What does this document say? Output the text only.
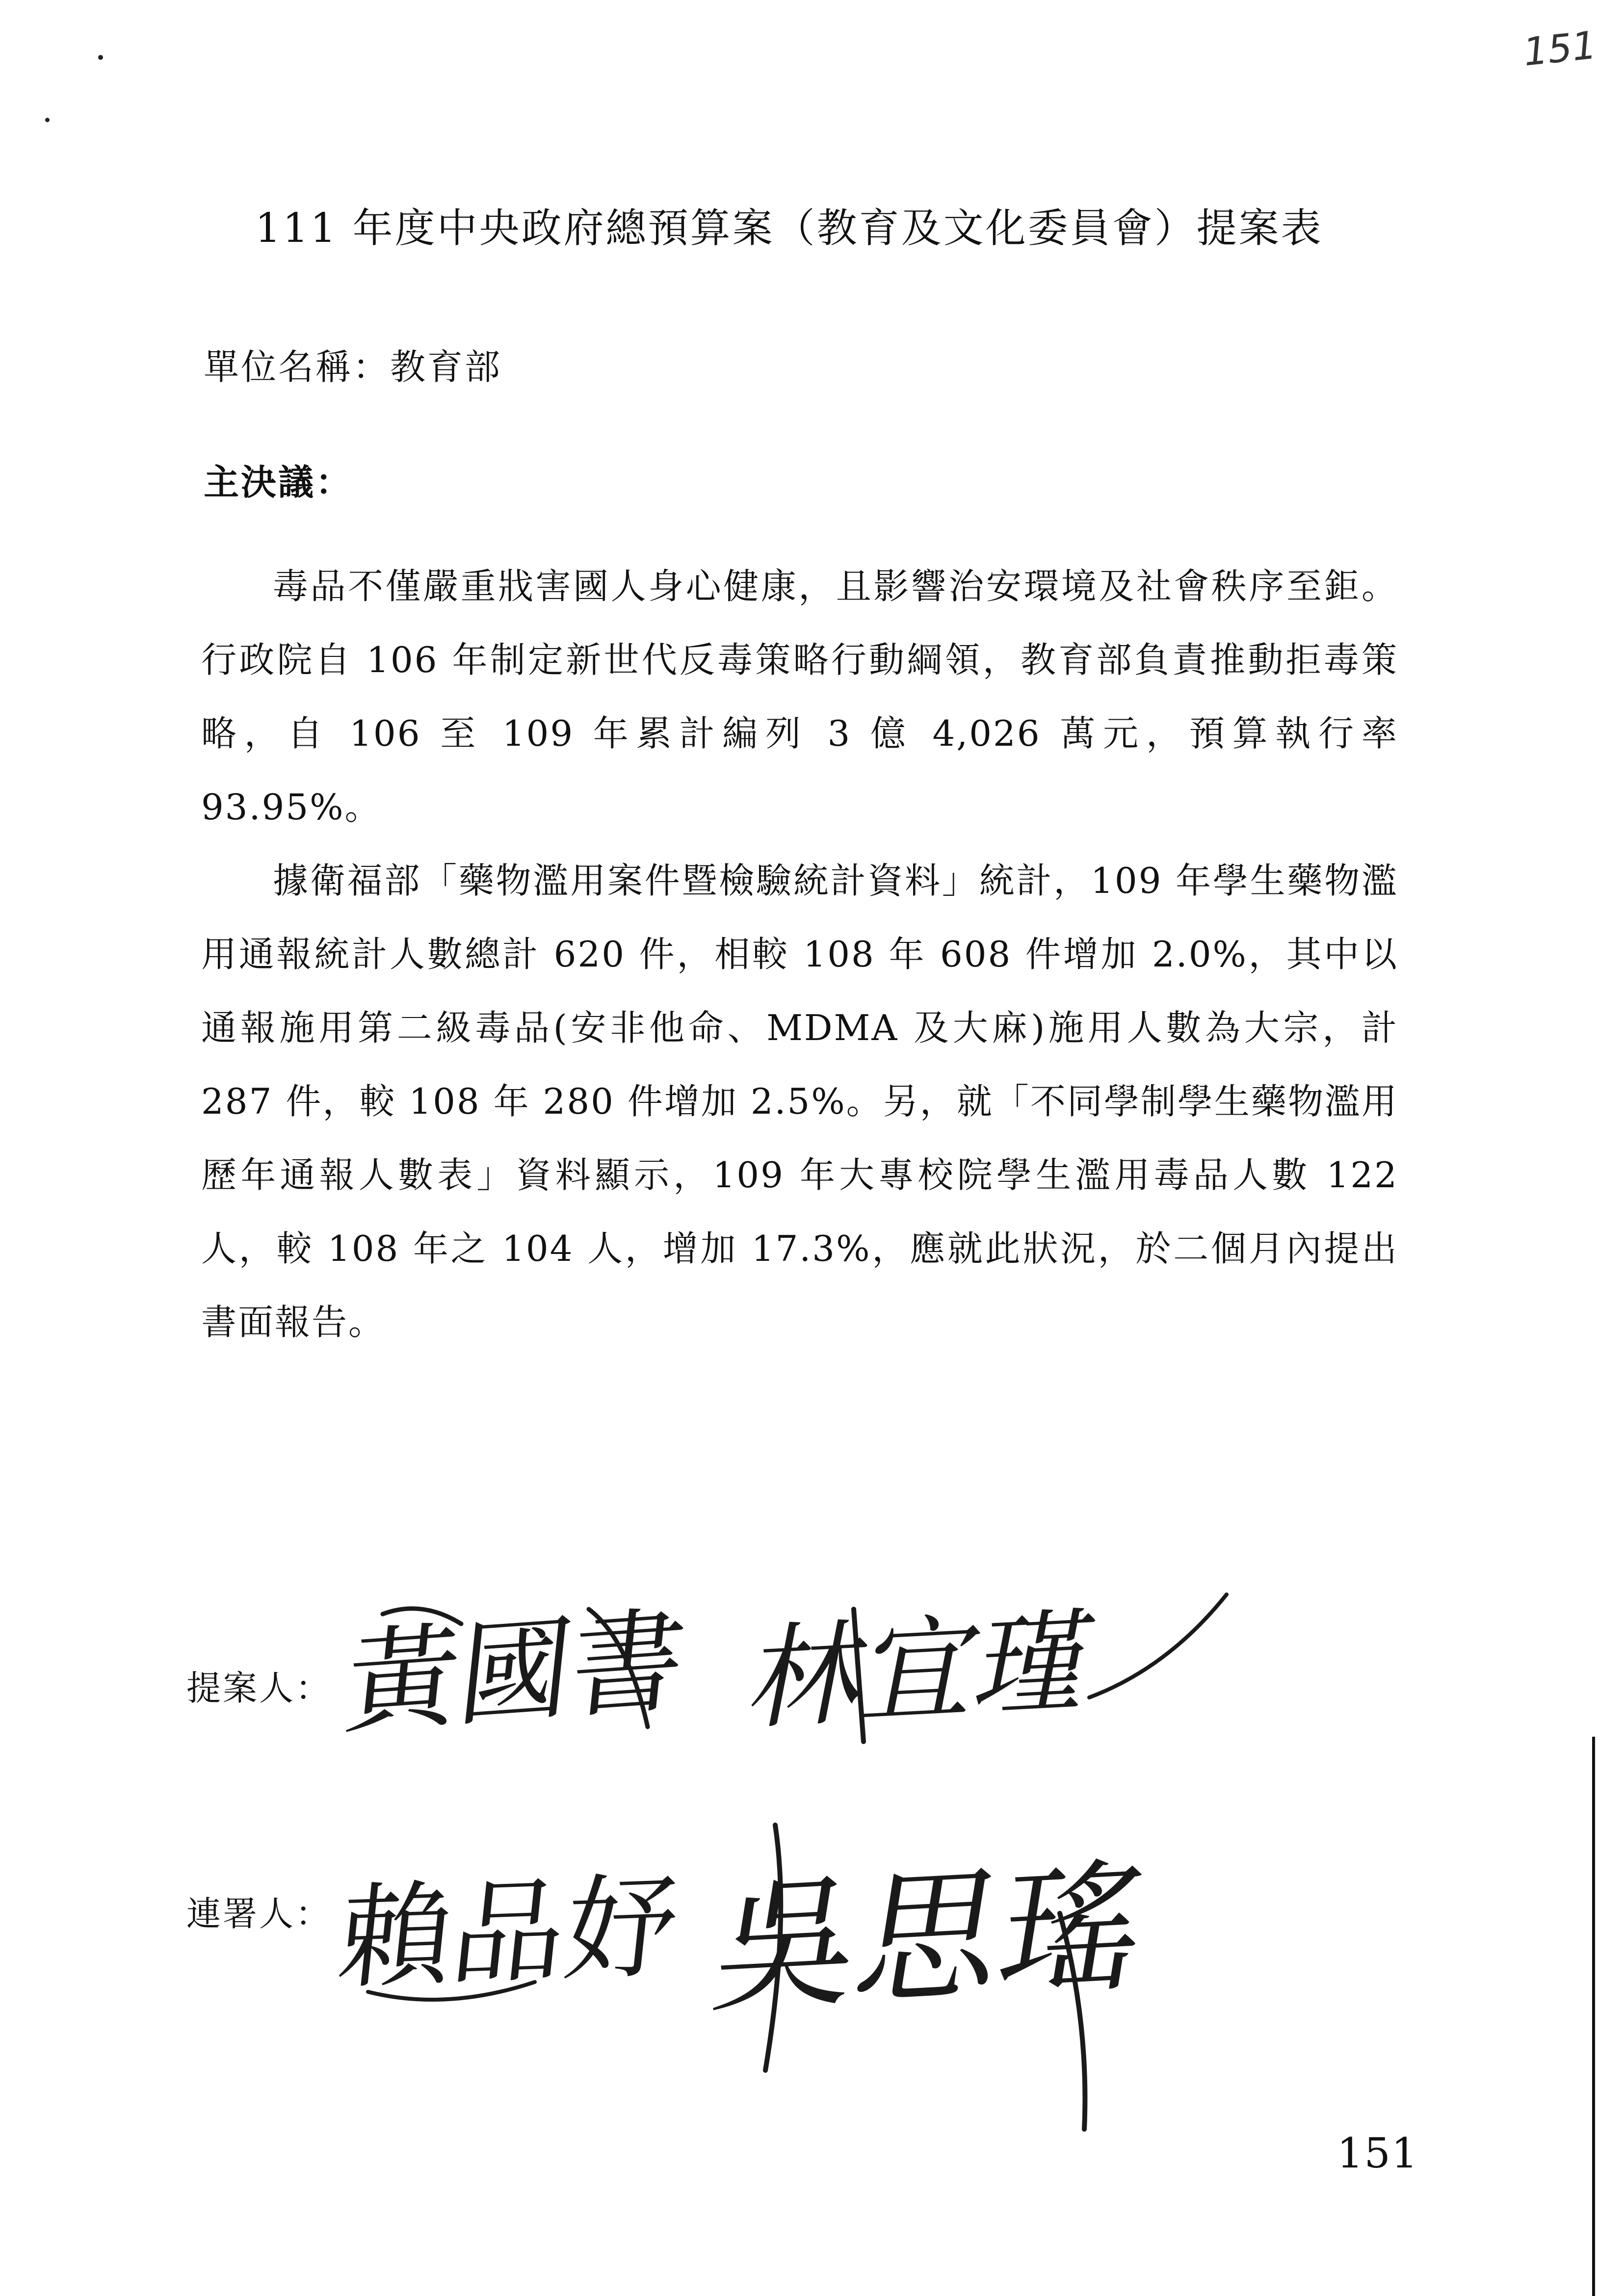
151
111 年度中央政府總預算案（教育及文化委員會）提案表
單位名稱：教育部
主決議：

毒品不僅嚴重戕害國人身心健康，且影響治安環境及社會秩序至鉅。行政院自 106 年制定新世代反毒策略行動綱領，教育部負責推動拒毒策略，自 106 至 109 年累計編列 3 億 4,026 萬元，預算執行率 93.95%。

據衛福部「藥物濫用案件暨檢驗統計資料」統計，109 年學生藥物濫用通報統計人數總計 620 件，相較 108 年 608 件增加 2.0%，其中以通報施用第二級毒品(安非他命、MDMA 及大麻)施用人數為大宗，計 287 件，較 108 年 280 件增加 2.5%。另，就「不同學制學生藥物濫用歷年通報人數表」資料顯示，109 年大專校院學生濫用毒品人數 122 人，較 108 年之 104 人，增加 17.3%，應就此狀況，於二個月內提出書面報告。

提案人： 黃國書 林宜瑾
連署人： 賴品妤 吳思瑤
151
